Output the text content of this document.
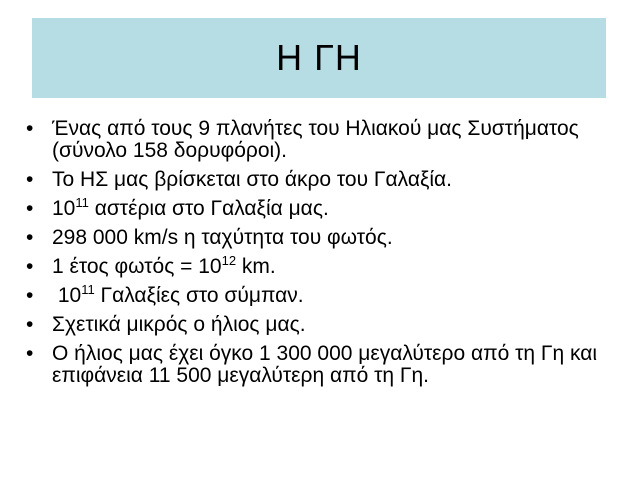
Η ΓΗ
• Ένας από τους 9 πλανήτες του Ηλιακού μας Συστήματος (σύνολο 158 δορυφόροι).
• Το ΗΣ μας βρίσκεται στο άκρο του Γαλαξία.
• $10^{11}$ αστέρια στο Γαλαξία μας.
• 298 000 km/s η ταχύτητα του φωτός.
• 1 έτος $\varphi\omega\tau ό\varsigma = 10^{12}$ km.
• $10^{11}$ Γαλαξίες στο σύμπαν.
• Σχετικά μικρός ο ήλιος μας.
• Ο ήλιος μας έχει όγκο 1 300 000 μεγαλύτερο από τη Γη και επιφάνεια 11 500 μεγαλύτερη από τη Γη.
